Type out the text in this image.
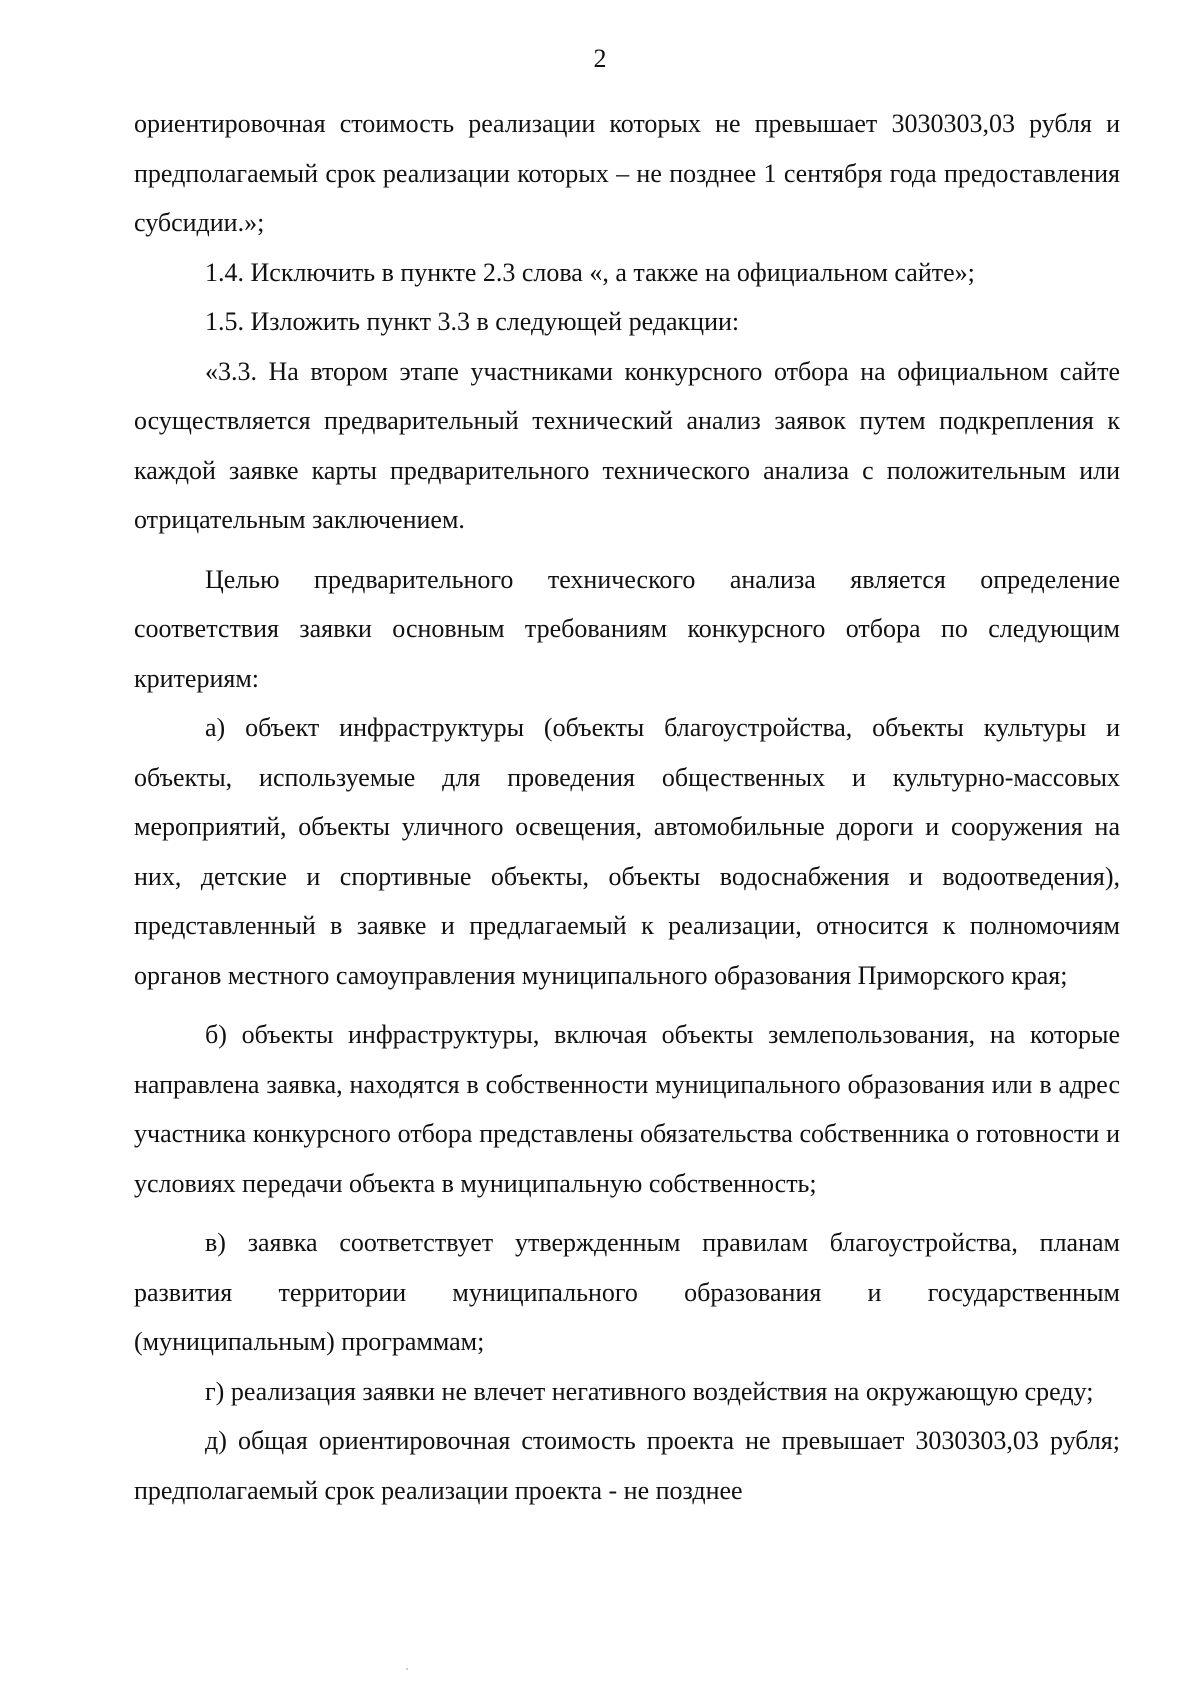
2

ориентировочная стоимость реализации которых не превышает 3030303,03 рубля и предполагаемый срок реализации которых – не позднее 1 сентября года предоставления субсидии.»;

1.4. Исключить в пункте 2.3 слова «, а также на официальном сайте»;

1.5. Изложить пункт 3.3 в следующей редакции:

«3.3. На втором этапе участниками конкурсного отбора на официальном сайте осуществляется предварительный технический анализ заявок путем подкрепления к каждой заявке карты предварительного технического анализа с положительным или отрицательным заключением.

Целью предварительного технического анализа является определение соответствия заявки основным требованиям конкурсного отбора по следующим критериям:

а) объект инфраструктуры (объекты благоустройства, объекты культуры и объекты, используемые для проведения общественных и культурно-массовых мероприятий, объекты уличного освещения, автомобильные дороги и сооружения на них, детские и спортивные объекты, объекты водоснабжения и водоотведения), представленный в заявке и предлагаемый к реализации, относится к полномочиям органов местного самоуправления муниципального образования Приморского края;

б) объекты инфраструктуры, включая объекты землепользования, на которые направлена заявка, находятся в собственности муниципального образования или в адрес участника конкурсного отбора представлены обязательства собственника о готовности и условиях передачи объекта в муниципальную собственность;

в) заявка соответствует утвержденным правилам благоустройства, планам развития территории муниципального образования и государственным (муниципальным) программам;

г) реализация заявки не влечет негативного воздействия на окружающую среду;

д) общая ориентировочная стоимость проекта не превышает 3030303,03 рубля; предполагаемый срок реализации проекта - не позднее
